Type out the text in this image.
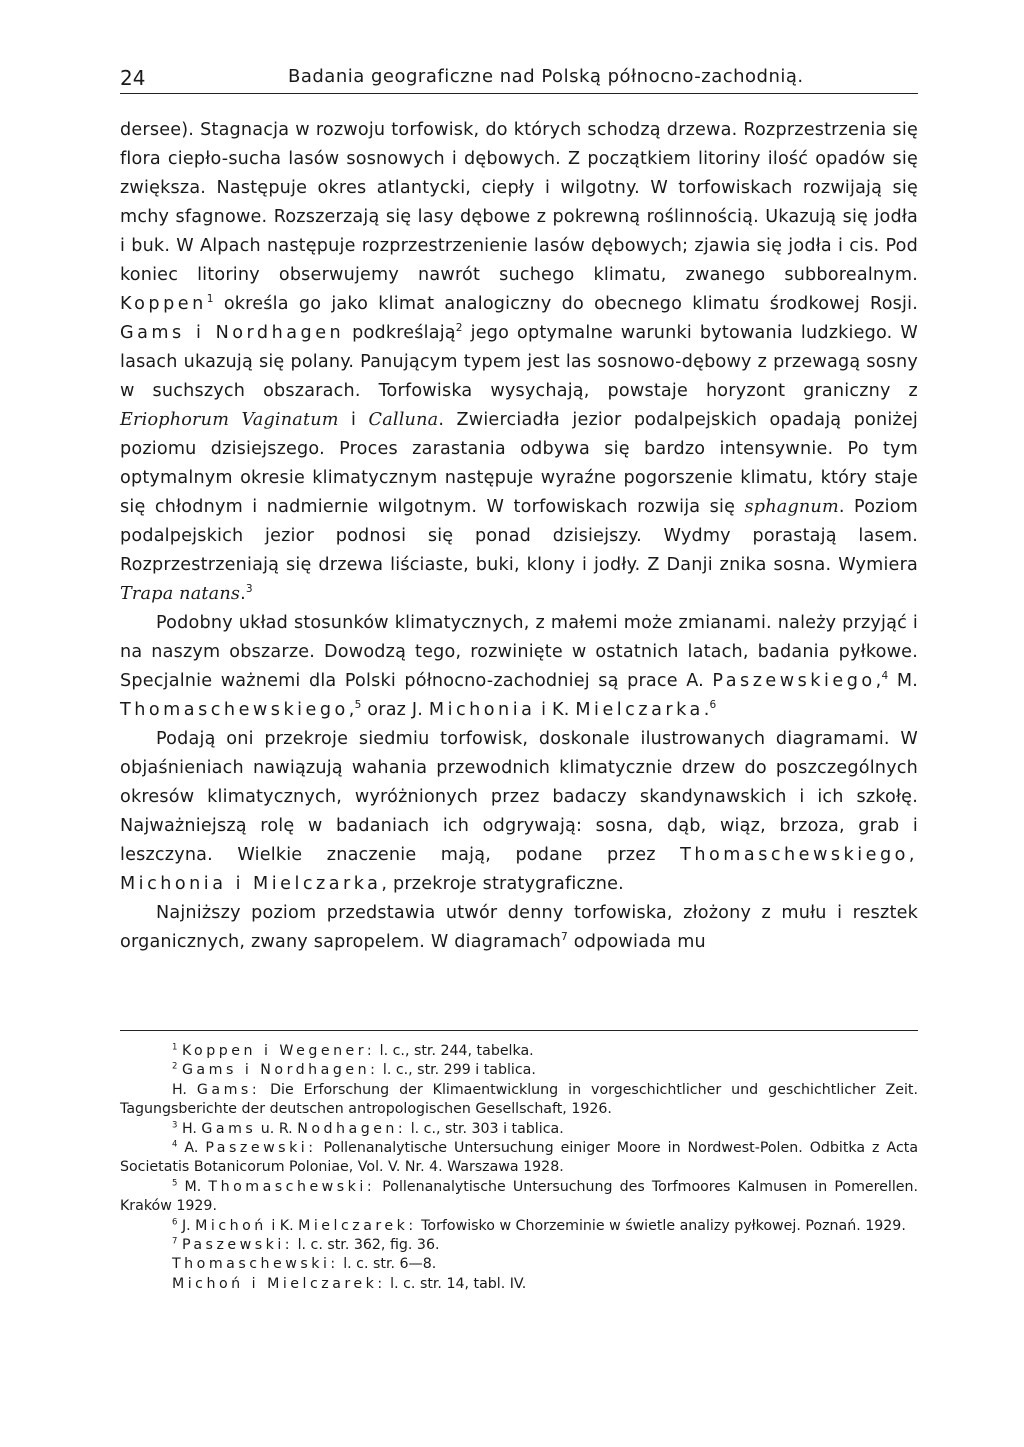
24	Badania geograficzne nad Polską północno-zachodnią.

dersee). Stagnacja w rozwoju torfowisk, do których schodzą drzewa. Rozprzestrzenia się flora ciepło-sucha lasów sosnowych i dębowych. Z początkiem litoriny ilość opadów się zwiększa. Następuje okres atlantycki, ciepły i wilgotny. W torfowiskach rozwijają się mchy sfagnowe. Rozszerzają się lasy dębowe z pokrewną roślinnością. Ukazują się jodła i buk. W Alpach następuje rozprzestrzenienie lasów dębowych; zjawia się jodła i cis. Pod koniec litoriny obserwujemy nawrót suchego klimatu, zwanego subborealnym. Koppen$^1$ określa go jako klimat analogiczny do obecnego klimatu środkowej Rosji. Gams i Nordhagen podkreślają$^2$ jego optymalne warunki bytowania ludzkiego. W lasach ukazują się polany. Panującym typem jest las sosnowo-dębowy z przewagą sosny w suchszych obszarach. Torfowiska wysychają, powstaje horyzont graniczny z Eriophorum Vaginatum i Calluna. Zwierciadła jezior podalpejskich opadają poniżej poziomu dzisiejszego. Proces zarastania odbywa się bardzo intensywnie. Po tym optymalnym okresie klimatycznym następuje wyraźne pogorszenie klimatu, który staje się chłodnym i nadmiernie wilgotnym. W torfowiskach rozwija się sphagnum. Poziom podalpejskich jezior podnosi się ponad dzisiejszy. Wydmy porastają lasem. Rozprzestrzeniają się drzewa liściaste, buki, klony i jodły. Z Danji znika sosna. Wymiera Trapa natans.$^3$

Podobny układ stosunków klimatycznych, z małemi może zmianami. należy przyjąć i na naszym obszarze. Dowodzą tego, rozwinięte w ostatnich latach, badania pyłkowe. Specjalnie ważnemi dla Polski północno-zachodniej są prace A. Paszewskiego,$^4$ M. Thomaschewskiego,$^5$ oraz J. Michonia i K. Mielczarka.$^6$

Podają oni przekroje siedmiu torfowisk, doskonale ilustrowanych diagramami. W objaśnieniach nawiązują wahania przewodnich klimatycznie drzew do poszczególnych okresów klimatycznych, wyróżnionych przez badaczy skandynawskich i ich szkołę. Najważniejszą rolę w badaniach ich odgrywają: sosna, dąb, wiąz, brzoza, grab i leszczyna. Wielkie znaczenie mają, podane przez Thomaschewskiego, Michonia i Mielczarka, przekroje stratygraficzne.

Najniższy poziom przedstawia utwór denny torfowiska, złożony z mułu i resztek organicznych, zwany sapropelem. W diagramach$^7$ odpowiada mu

$^1$ Koppen i Wegener: l. c., str. 244, tabelka.

$^2$ Gams i Nordhagen: l. c., str. 299 i tablica.

H. Gams: Die Erforschung der Klimaentwicklung in vorgeschichtlicher und geschichtlicher Zeit. Tagungsberichte der deutschen antropologischen Gesellschaft, 1926.

$^3$ H. Gams u. R. Nodhagen: l. c., str. 303 i tablica.

$^4$ A. Paszewski: Pollenanalytische Untersuchung einiger Moore in Nordwest-Polen. Odbitka z Acta Societatis Botanicorum Poloniae, Vol. V. Nr. 4. Warszawa 1928.

$^5$ M. Thomaschewski: Pollenanalytische Untersuchung des Torfmoores Kalmusen in Pomerellen. Kraków 1929.

$^6$ J. Michoń i K. Mielczarek: Torfowisko w Chorzeminie w świetle analizy pyłkowej. Poznań. 1929.

$^7$ Paszewski: l. c. str. 362, fig. 36.

Thomaschewski: l. c. str. 6—8.

Michoń i Mielczarek: l. c. str. 14, tabl. IV.
